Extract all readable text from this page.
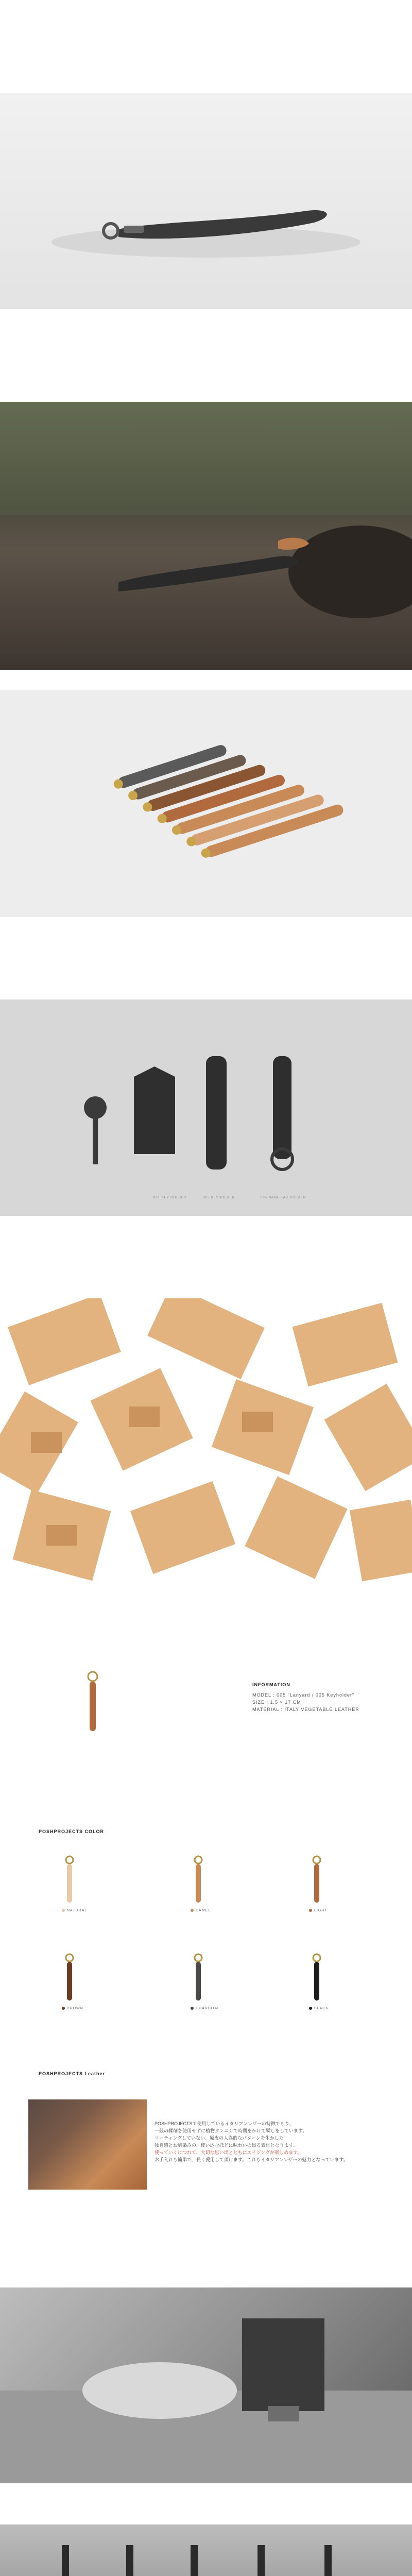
001 KEY HOLDER	005 KEYHOLDER	005 NAME TAG HOLDER
INFORMATION
MODEL : 005 "Lanyard / 005 Keyholder"
SIZE : 1.5 × 17 CM
MATERIAL : ITALY VEGETABLE LEATHER
POSHPROJECTS COLOR
NATURAL	CAMEL	LIGHT
BROWN	CHARCOAL	BLACK
POSHPROJECTS Leather
POSHPROJECTSで使用しているイタリアンレザーの特徴であり、
一般の鞣剤を使用せずに植物タンニンで時間をかけて鞣しをしています。
コーティングしていない、原皮の人為的なパターンを生かした
独自感とお馴染みの、使い込むほどに味わいの出る素材となります。
使っていくにつれて、大切な思い出とともにエイジングが楽しめます。
お手入れも簡単で、長く愛用して頂けます。これもイタリアンレザーの魅力となっています。
